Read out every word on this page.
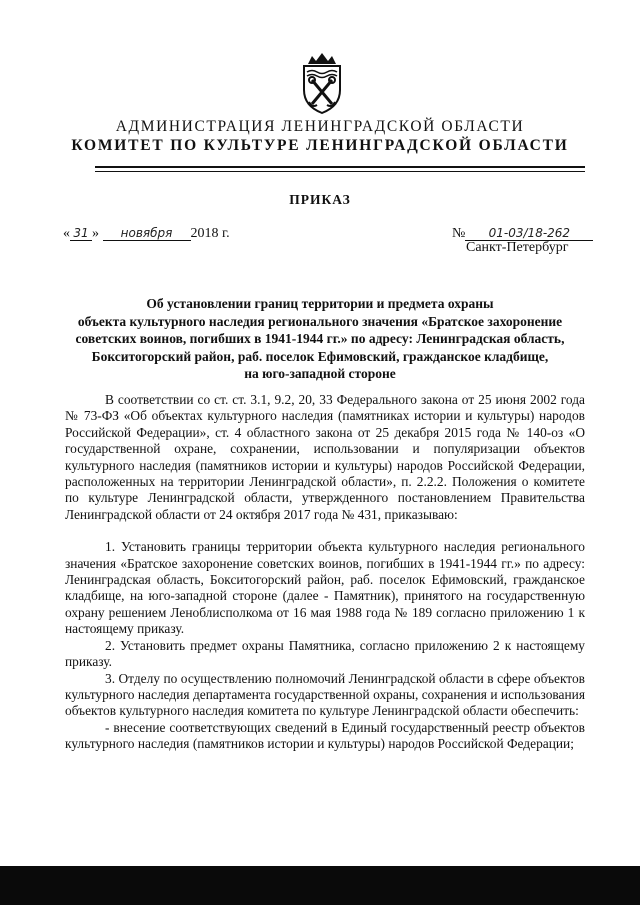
АДМИНИСТРАЦИЯ ЛЕНИНГРАДСКОЙ ОБЛАСТИ
КОМИТЕТ ПО КУЛЬТУРЕ ЛЕНИНГРАДСКОЙ ОБЛАСТИ
ПРИКАЗ
« 31 » новября 2018 г.	№ 01-03/18-262
Санкт-Петербург
Об установлении границ территории и предмета охраны
объекта культурного наследия регионального значения «Братское захоронение
советских воинов, погибших в 1941-1944 гг.» по адресу: Ленинградская область,
Бокситогорский район, раб. поселок Ефимовский, гражданское кладбище,
на юго-западной стороне

В соответствии со ст. ст. 3.1, 9.2, 20, 33 Федерального закона от 25 июня 2002 года № 73-ФЗ «Об объектах культурного наследия (памятниках истории и культуры) народов Российской Федерации», ст. 4 областного закона от 25 декабря 2015 года № 140-оз «О государственной охране, сохранении, использовании и популяризации объектов культурного наследия (памятников истории и культуры) народов Российской Федерации, расположенных на территории Ленинградской области», п. 2.2.2. Положения о комитете по культуре Ленинградской области, утвержденного постановлением Правительства Ленинградской области от 24 октября 2017 года № 431, приказываю:

1. Установить границы территории объекта культурного наследия регионального значения «Братское захоронение советских воинов, погибших в 1941-1944 гг.» по адресу: Ленинградская область, Бокситогорский район, раб. поселок Ефимовский, гражданское кладбище, на юго-западной стороне (далее - Памятник), принятого на государственную охрану решением Леноблисполкома от 16 мая 1988 года № 189 согласно приложению 1 к настоящему приказу.

2. Установить предмет охраны Памятника, согласно приложению 2 к настоящему приказу.

3. Отделу по осуществлению полномочий Ленинградской области в сфере объектов культурного наследия департамента государственной охраны, сохранения и использования объектов культурного наследия комитета по культуре Ленинградской области обеспечить:

- внесение соответствующих сведений в Единый государственный реестр объектов культурного наследия (памятников истории и культуры) народов Российской Федерации;
